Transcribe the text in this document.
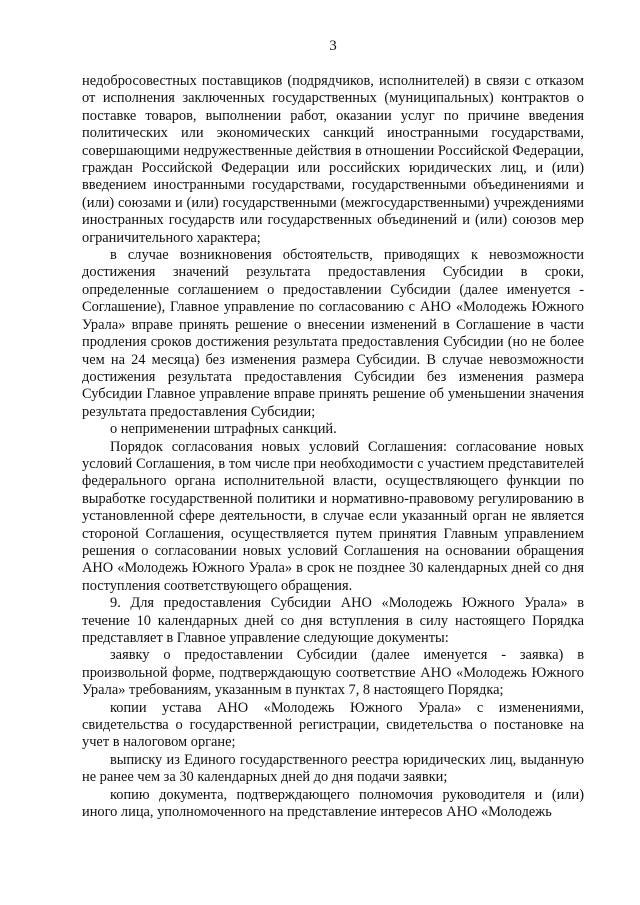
3

недобросовестных поставщиков (подрядчиков, исполнителей) в связи с отказом от исполнения заключенных государственных (муниципальных) контрактов о поставке товаров, выполнении работ, оказании услуг по причине введения политических или экономических санкций иностранными государствами, совершающими недружественные действия в отношении Российской Федерации, граждан Российской Федерации или российских юридических лиц, и (или) введением иностранными государствами, государственными объединениями и (или) союзами и (или) государственными (межгосударственными) учреждениями иностранных государств или государственных объединений и (или) союзов мер ограничительного характера;

в случае возникновения обстоятельств, приводящих к невозможности достижения значений результата предоставления Субсидии в сроки, определенные соглашением о предоставлении Субсидии (далее именуется - Соглашение), Главное управление по согласованию с АНО «Молодежь Южного Урала» вправе принять решение о внесении изменений в Соглашение в части продления сроков достижения результата предоставления Субсидии (но не более чем на 24 месяца) без изменения размера Субсидии. В случае невозможности достижения результата предоставления Субсидии без изменения размера Субсидии Главное управление вправе принять решение об уменьшении значения результата предоставления Субсидии;

о неприменении штрафных санкций.

Порядок согласования новых условий Соглашения: согласование новых условий Соглашения, в том числе при необходимости с участием представителей федерального органа исполнительной власти, осуществляющего функции по выработке государственной политики и нормативно-правовому регулированию в установленной сфере деятельности, в случае если указанный орган не является стороной Соглашения, осуществляется путем принятия Главным управлением решения о согласовании новых условий Соглашения на основании обращения АНО «Молодежь Южного Урала» в срок не позднее 30 календарных дней со дня поступления соответствующего обращения.

9. Для предоставления Субсидии АНО «Молодежь Южного Урала» в течение 10 календарных дней со дня вступления в силу настоящего Порядка представляет в Главное управление следующие документы:

заявку о предоставлении Субсидии (далее именуется - заявка) в произвольной форме, подтверждающую соответствие АНО «Молодежь Южного Урала» требованиям, указанным в пунктах 7, 8 настоящего Порядка;

копии устава АНО «Молодежь Южного Урала» с изменениями, свидетельства о государственной регистрации, свидетельства о постановке на учет в налоговом органе;

выписку из Единого государственного реестра юридических лиц, выданную не ранее чем за 30 календарных дней до дня подачи заявки;

копию документа, подтверждающего полномочия руководителя и (или) иного лица, уполномоченного на представление интересов АНО «Молодежь
